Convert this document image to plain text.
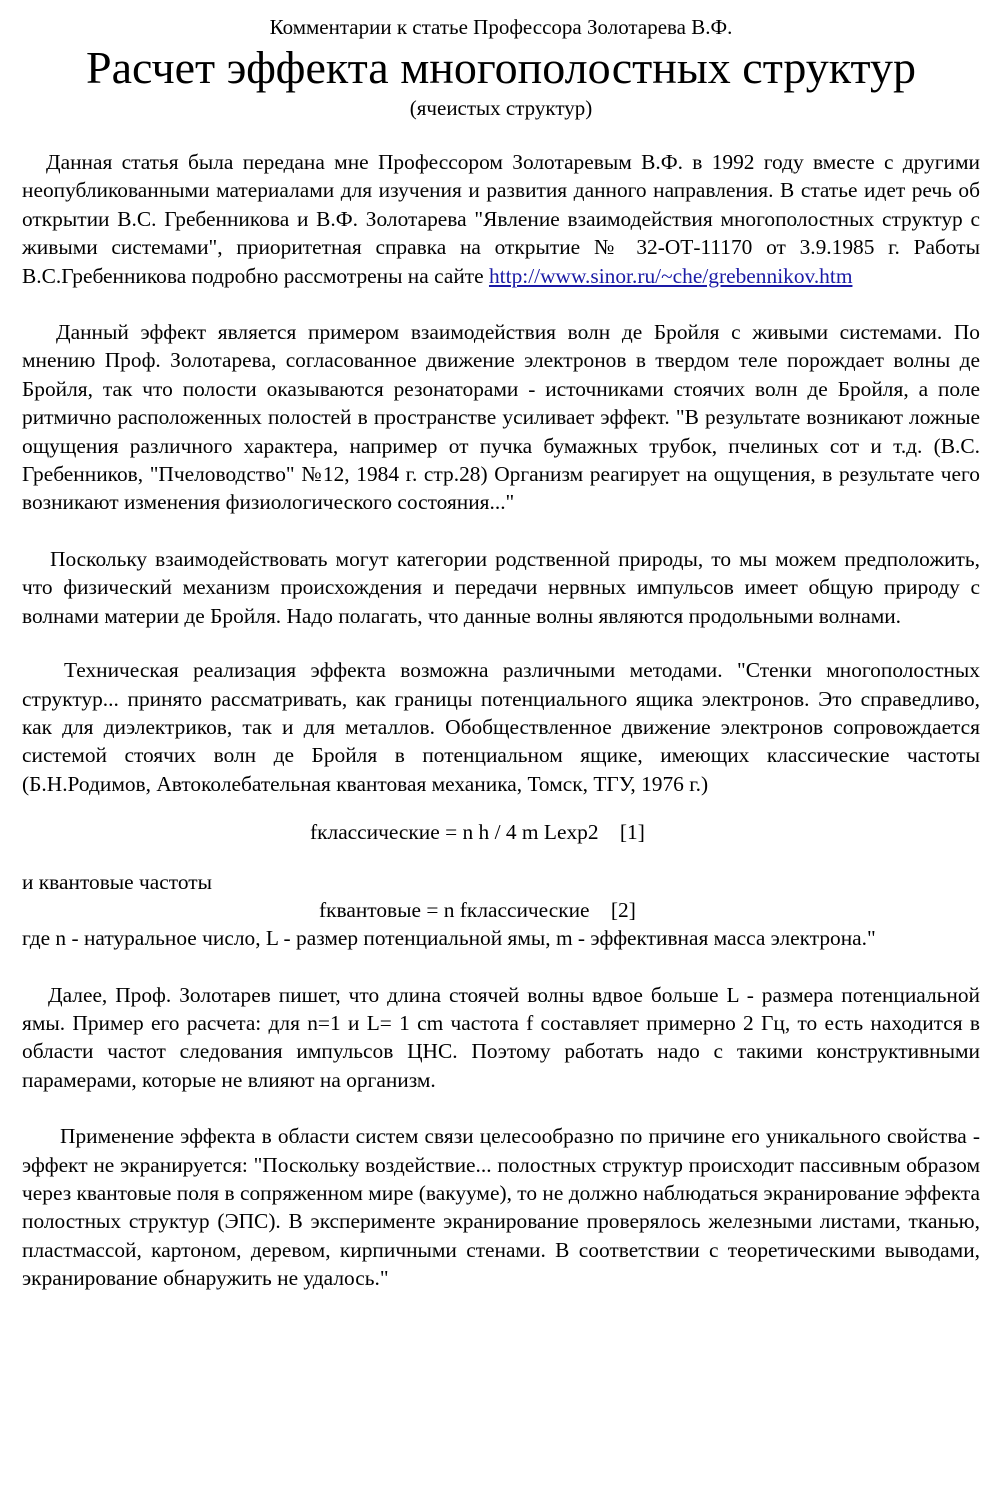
Комментарии к статье Профессора Золотарева В.Ф.
Расчет эффекта многополостных структур
(ячеистых структур)

Данная статья была передана мне Профессором Золотаревым В.Ф. в 1992 году вместе с другими неопубликованными материалами для изучения и развития данного направления. В статье идет речь об открытии В.С. Гребенникова и В.Ф. Золотарева "Явление взаимодействия многополостных структур с живыми системами", приоритетная справка на открытие № 32-ОТ-11170 от 3.9.1985 г. Работы В.С.Гребенникова подробно рассмотрены на сайте http://www.sinor.ru/~che/grebennikov.htm

Данный эффект является примером взаимодействия волн де Бройля с живыми системами. По мнению Проф. Золотарева, согласованное движение электронов в твердом теле порождает волны де Бройля, так что полости оказываются резонаторами - источниками стоячих волн де Бройля, а поле ритмично расположенных полостей в пространстве усиливает эффект. "В результате возникают ложные ощущения различного характера, например от пучка бумажных трубок, пчелиных сот и т.д. (В.С. Гребенников, "Пчеловодство" №12, 1984 г. стр.28) Организм реагирует на ощущения, в результате чего возникают изменения физиологического состояния..."

Поскольку взаимодействовать могут категории родственной природы, то мы можем предположить, что физический механизм происхождения и передачи нервных импульсов имеет общую природу с волнами материи де Бройля. Надо полагать, что данные волны являются продольными волнами.

Техническая реализация эффекта возможна различными методами. "Стенки многополостных структур... принято рассматривать, как границы потенциального ящика электронов. Это справедливо, как для диэлектриков, так и для металлов. Обобществленное движение электронов сопровождается системой стоячих волн де Бройля в потенциальном ящике, имеющих классические частоты (Б.Н.Родимов, Автоколебательная квантовая механика, Томск, ТГУ, 1976 г.)

fклассические = n h / 4 m Lexp2    [1]
и квантовые частоты
fквантовые = n fклассические    [2]

где n - натуральное число, L - размер потенциальной ямы, m - эффективная масса электрона."

Далее, Проф. Золотарев пишет, что длина стоячей волны вдвое больше L - размера потенциальной ямы. Пример его расчета: для n=1 и L= 1 cm частота f составляет примерно 2 Гц, то есть находится в области частот следования импульсов ЦНС. Поэтому работать надо с такими конструктивными парамерами, которые не влияют на организм.

Применение эффекта в области систем связи целесообразно по причине его уникального свойства - эффект не экранируется: "Поскольку воздействие... полостных структур происходит пассивным образом через квантовые поля в сопряженном мире (вакууме), то не должно наблюдаться экранирование эффекта полостных структур (ЭПС). В эксперименте экранирование проверялось железными листами, тканью, пластмассой, картоном, деревом, кирпичными стенами. В соответствии с теоретическими выводами, экранирование обнаружить не удалось."
